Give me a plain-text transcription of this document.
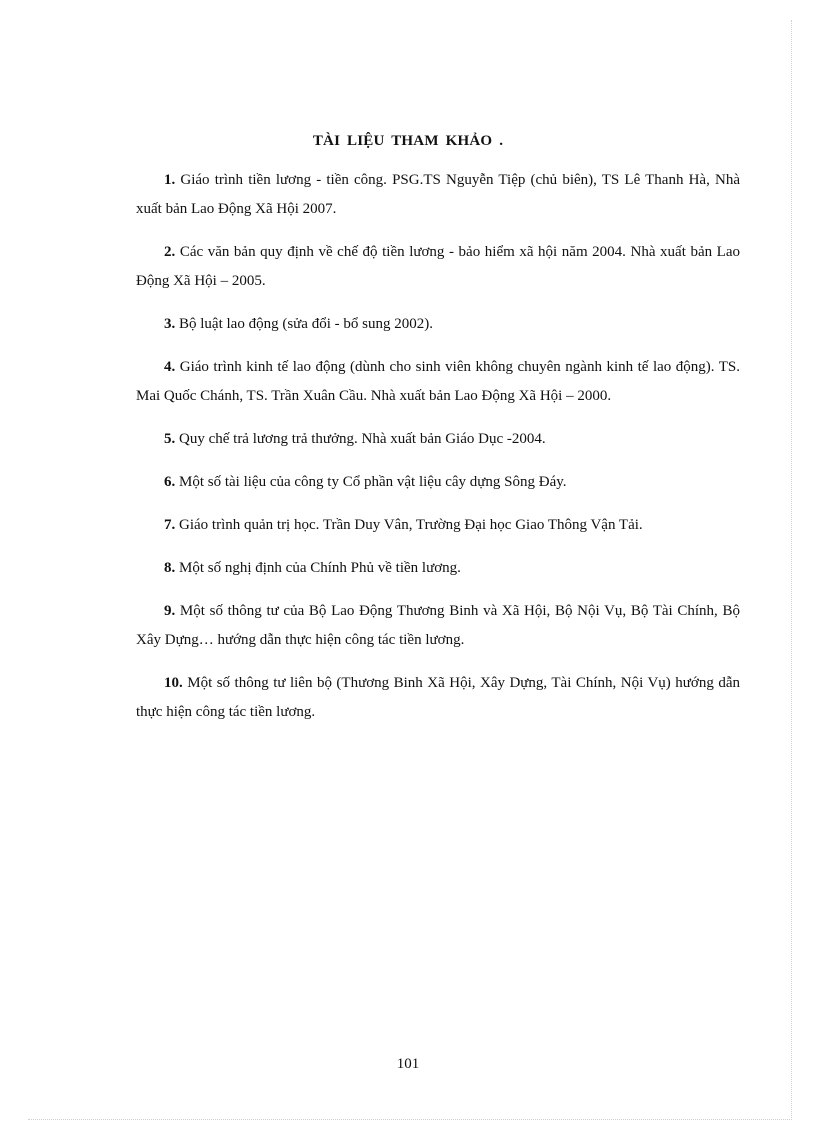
TÀI LIỆU THAM KHẢO .
1. Giáo trình tiền lương - tiền công. PSG.TS Nguyễn Tiệp (chủ biên), TS Lê Thanh Hà, Nhà xuất bản Lao Động Xã Hội 2007.
2. Các văn bản quy định về chế độ tiền lương - bảo hiểm xã hội năm 2004. Nhà xuất bản Lao Động Xã Hội – 2005.
3. Bộ luật lao động (sửa đổi - bổ sung 2002).
4. Giáo trình kinh tế lao động (dùnh cho sinh viên không chuyên ngành kinh tế lao động). TS. Mai Quốc Chánh, TS. Trần Xuân Cầu. Nhà xuất bản Lao Động Xã Hội – 2000.
5. Quy chế trả lương trả thưởng. Nhà xuất bản Giáo Dục -2004.
6. Một số tài liệu của công ty Cổ phần vật liệu cây dựng Sông Đáy.
7. Giáo trình quản trị học. Trần Duy Vân, Trường Đại học Giao Thông Vận Tải.
8. Một số nghị định của Chính Phủ về tiền lương.
9. Một số thông tư của Bộ Lao Động Thương Binh và Xã Hội, Bộ Nội Vụ, Bộ Tài Chính, Bộ Xây Dựng… hướng dẫn thực hiện công tác tiền lương.
10. Một số thông tư liên bộ (Thương Binh Xã Hội, Xây Dựng, Tài Chính, Nội Vụ) hướng dẫn thực hiện công tác tiền lương.
101
